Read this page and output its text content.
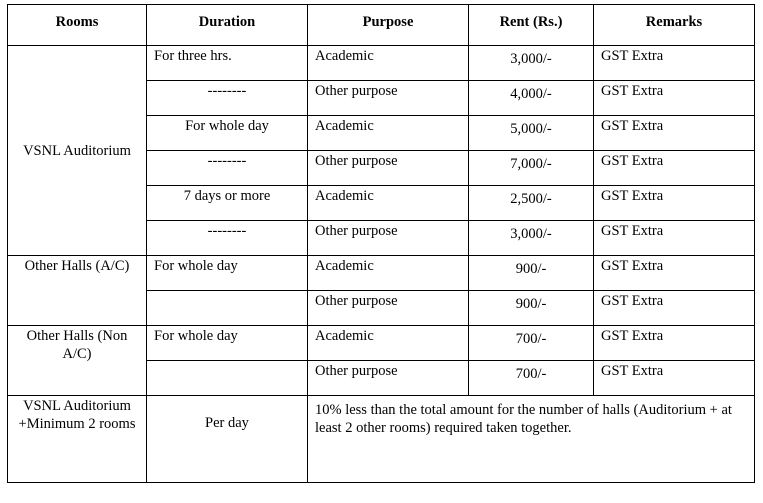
Rooms	Duration	Purpose	Rent (Rs.)	Remarks
VSNL Auditorium	For three hrs.	Academic	3,000/-	GST Extra
	--------	Other purpose	4,000/-	GST Extra
	For whole day	Academic	5,000/-	GST Extra
	--------	Other purpose	7,000/-	GST Extra
	7 days or more	Academic	2,500/-	GST Extra
	--------	Other purpose	3,000/-	GST Extra
Other Halls (A/C)	For whole day	Academic	900/-	GST Extra
		Other purpose	900/-	GST Extra
Other Halls (Non A/C)	For whole day	Academic	700/-	GST Extra
		Other purpose	700/-	GST Extra
VSNL Auditorium +Minimum 2 rooms	Per day	10% less than the total amount for the number of halls (Auditorium + at least 2 other rooms) required taken together.		
